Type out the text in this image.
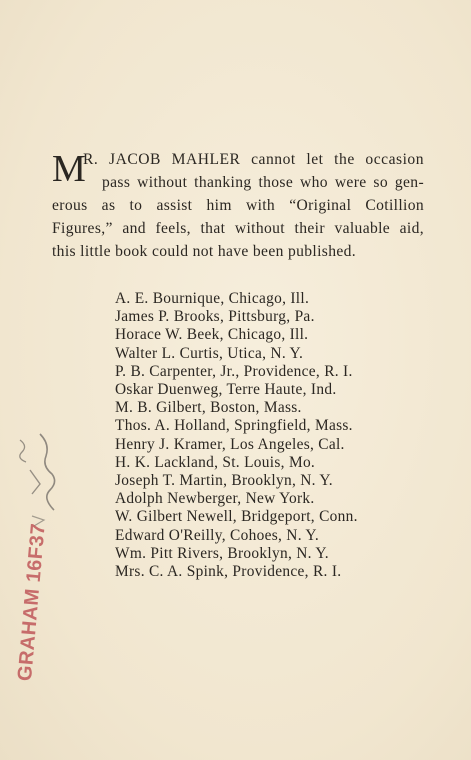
M
R. JACOB MAHLER cannot let the occasion
pass without thanking those who were so gen-
erous as to assist him with “Original Cotillion
Figures,” and feels, that without their valuable aid,
this little book could not have been published.
A. E. Bournique, Chicago, Ill.
James P. Brooks, Pittsburg, Pa.
Horace W. Beek, Chicago, Ill.
Walter L. Curtis, Utica, N. Y.
P. B. Carpenter, Jr., Providence, R. I.
Oskar Duenweg, Terre Haute, Ind.
M. B. Gilbert, Boston, Mass.
Thos. A. Holland, Springfield, Mass.
Henry J. Kramer, Los Angeles, Cal.
H. K. Lackland, St. Louis, Mo.
Joseph T. Martin, Brooklyn, N. Y.
Adolph Newberger, New York.
W. Gilbert Newell, Bridgeport, Conn.
Edward O'Reilly, Cohoes, N. Y.
Wm. Pitt Rivers, Brooklyn, N. Y.
Mrs. C. A. Spink, Providence, R. I.
GRAHAM 16F37
